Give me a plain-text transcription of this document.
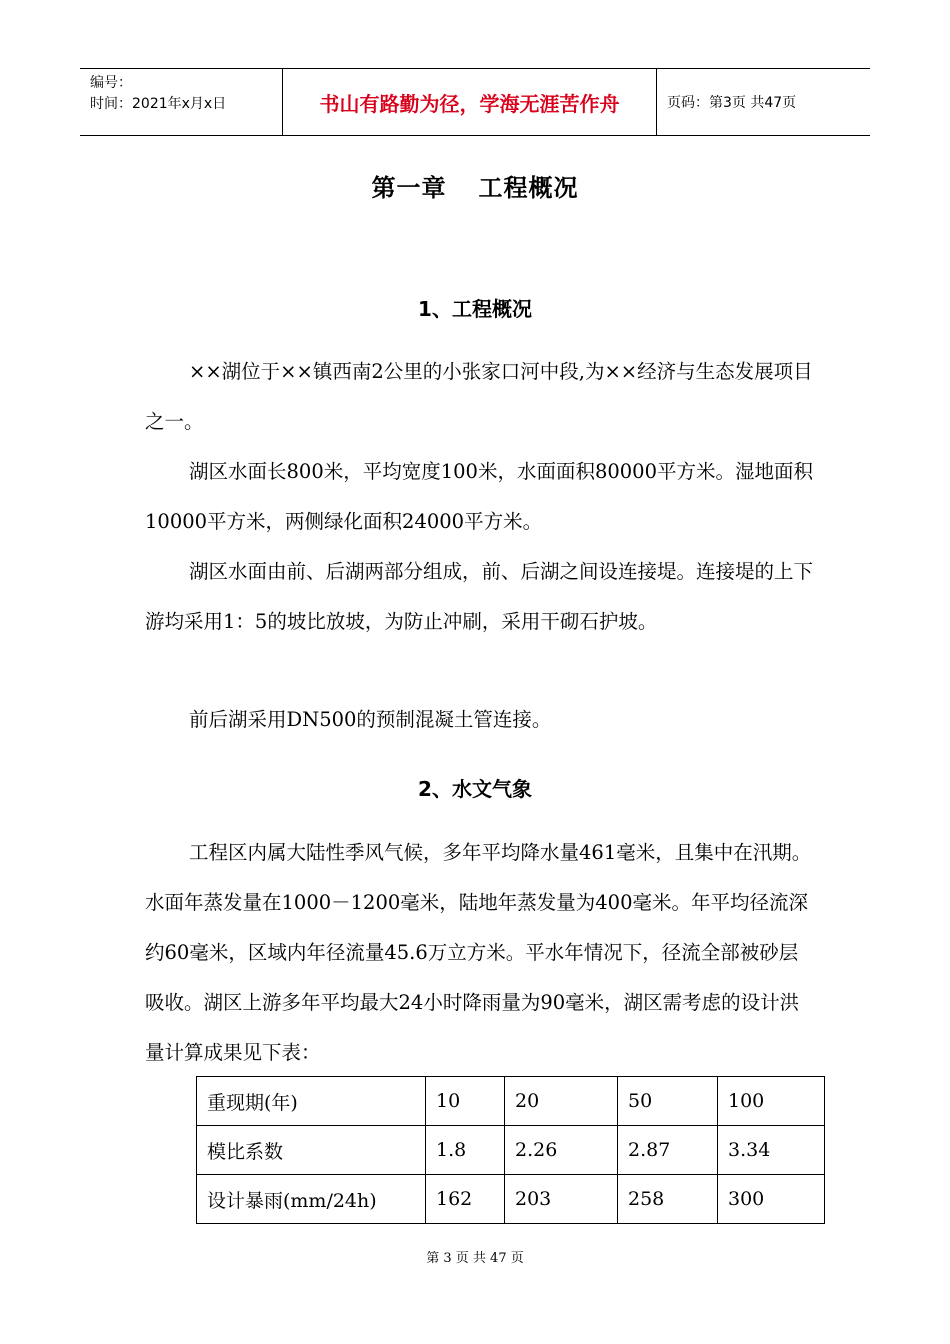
编号：
时间：2021年x月x日	书山有路勤为径，学海无涯苦作舟	页码：第3页 共47页
第一章 工程概况
1、工程概况
××湖位于××镇西南2公里的小张家口河中段,为××经济与生态发展项目之一。
湖区水面长800米，平均宽度100米，水面面积80000平方米。湿地面积10000平方米，两侧绿化面积24000平方米。
湖区水面由前、后湖两部分组成，前、后湖之间设连接堤。连接堤的上下游均采用1：5的坡比放坡，为防止冲刷，采用干砌石护坡。
前后湖采用DN500的预制混凝土管连接。
2、水文气象
工程区内属大陆性季风气候，多年平均降水量461毫米，且集中在汛期。水面年蒸发量在1000－1200毫米，陆地年蒸发量为400毫米。年平均径流深约60毫米，区域内年径流量45.6万立方米。平水年情况下，径流全部被砂层吸收。湖区上游多年平均最大24小时降雨量为90毫米，湖区需考虑的设计洪量计算成果见下表：
重现期(年)	10	20	50	100
模比系数	1.8	2.26	2.87	3.34
设计暴雨(mm/24h)	162	203	258	300
第 3 页 共 47 页
